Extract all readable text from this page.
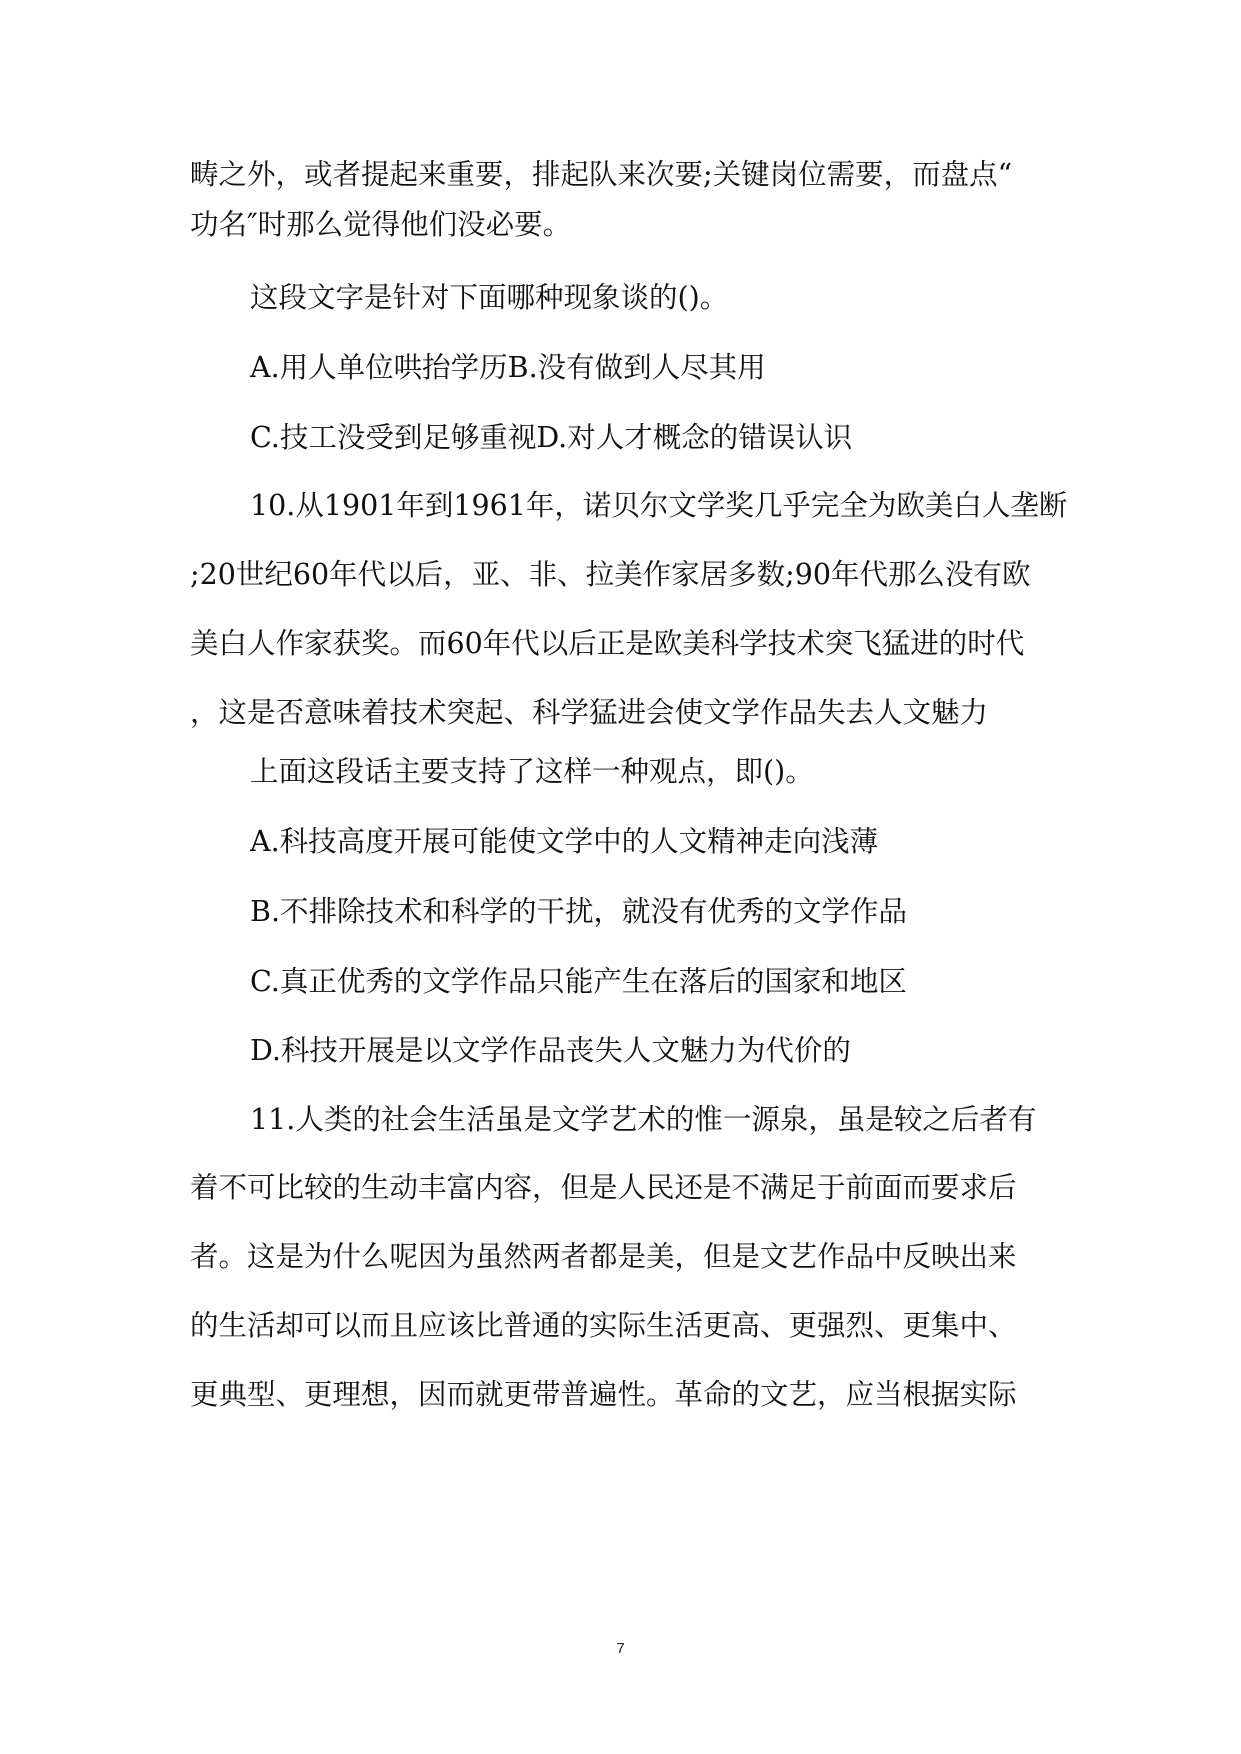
畴之外，或者提起来重要，排起队来次要;关键岗位需要，而盘点“
功名″时那么觉得他们没必要。
这段文字是针对下面哪种现象谈的()。
A.用人单位哄抬学历B.没有做到人尽其用
C.技工没受到足够重视D.对人才概念的错误认识
10.从1901年到1961年，诺贝尔文学奖几乎完全为欧美白人垄断
;20世纪60年代以后，亚、非、拉美作家居多数;90年代那么没有欧
美白人作家获奖。而60年代以后正是欧美科学技术突飞猛进的时代
，这是否意味着技术突起、科学猛进会使文学作品失去人文魅力
上面这段话主要支持了这样一种观点，即()。
A.科技高度开展可能使文学中的人文精神走向浅薄
B.不排除技术和科学的干扰，就没有优秀的文学作品
C.真正优秀的文学作品只能产生在落后的国家和地区
D.科技开展是以文学作品丧失人文魅力为代价的
11.人类的社会生活虽是文学艺术的惟一源泉，虽是较之后者有
着不可比较的生动丰富内容，但是人民还是不满足于前面而要求后
者。这是为什么呢因为虽然两者都是美，但是文艺作品中反映出来
的生活却可以而且应该比普通的实际生活更高、更强烈、更集中、
更典型、更理想，因而就更带普遍性。革命的文艺，应当根据实际
7
